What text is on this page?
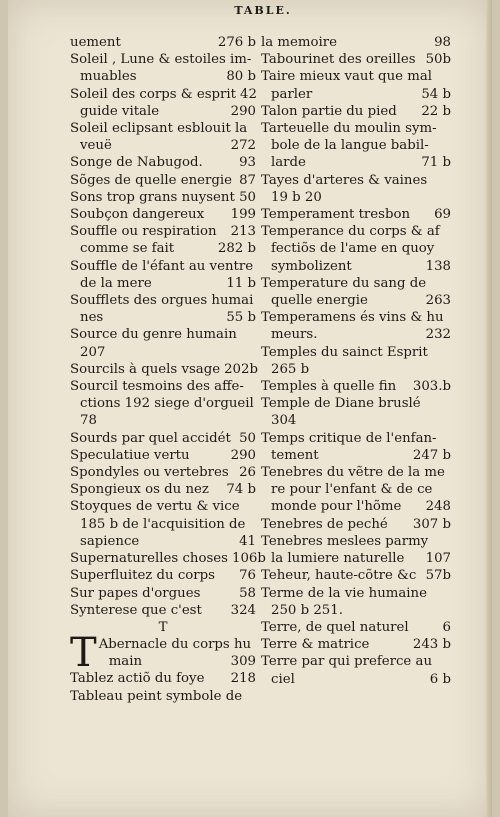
TABLE.
uement	276 b
Soleil , Lune & estoiles im-
muables	80 b
Soleil des corps & esprit 42
guide vitale	290
Soleil eclipsant esblouit la
veuë	272
Songe de Nabugod.	93
Sõges de quelle energie 87
Sons trop grans nuysent 50
Soubçon dangereux	199
Souffle ou respiration	213
comme se fait	282 b
Souffle de l'éfant au ventre
de la mere	11 b
Soufflets des orgues humai
nes	55 b
Source du genre humain
207
Sourcils à quels vsage 202b
Sourcil tesmoins des affe-
ctions 192 siege d'orgueil
78
Sourds par quel accidét 50
Speculatiue vertu	290
Spondyles ou vertebres 26
Spongieux os du nez	74 b
Stoyques de vertu & vice
185 b de l'acquisition de
sapience	41
Supernaturelles choses 106b
Superfluitez du corps	76
Sur papes d'orgues	58
Synterese que c'est	324
T
T Abernacle du corps hu
main	309
Tablez actiõ du foye	218
Tableau peint symbole de
la memoire	98
Tabourinet des oreilles 50b
Taire mieux vaut que mal
parler	54 b
Talon partie du pied	22 b
Tarteuelle du moulin sym-
bole de la langue babil-
larde	71 b
Tayes d'arteres & vaines
19 b 20
Temperament tresbon	69
Temperance du corps & af
fectiõs de l'ame en quoy
symbolizent	138
Temperature du sang de
quelle energie	263
Temperamens és vins & hu
meurs.	232
Temples du sainct Esprit
265 b
Temples à quelle fin	303.b
Temple de Diane bruslé
304
Temps critique de l'enfan-
tement	247 b
Tenebres du vẽtre de la me
re pour l'enfant & de ce
monde pour l'hõme	248
Tenebres de peché	307 b
Tenebres meslees parmy
la lumiere naturelle	107
Teheur, haute-cõtre &c 57b
Terme de la vie humaine
250 b 251.
Terre, de quel naturel	6
Terre & matrice	243 b
Terre par qui preferce au
ciel	6 b
